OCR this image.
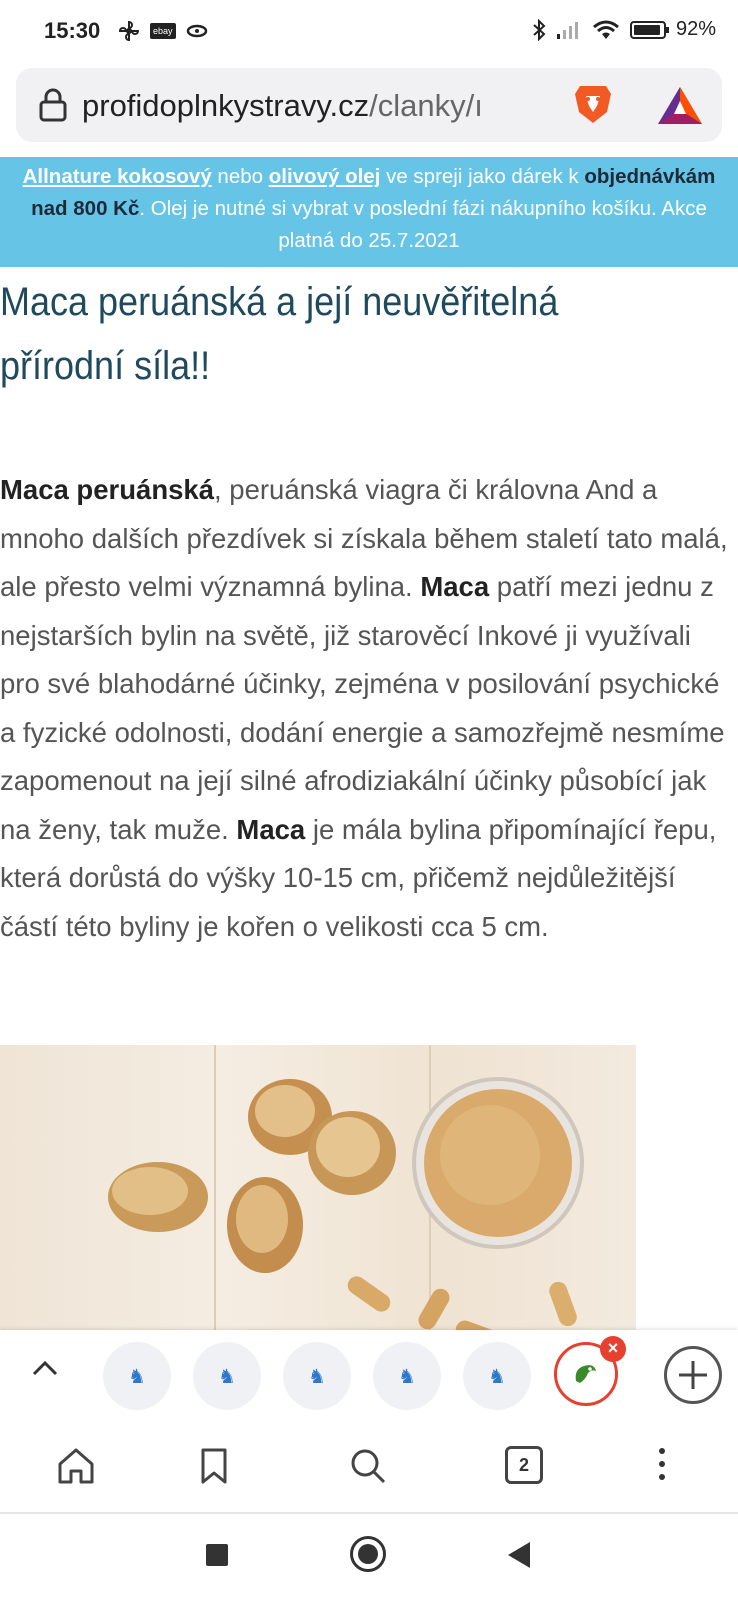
15:30	ebay	92%
profidoplnkystravy.cz/clanky/ı
Allnature kokosový nebo olivový olej ve spreji jako dárek k objednávkám nad 800 Kč. Olej je nutné si vybrat v poslední fázi nákupního košíku. Akce platná do 25.7.2021
Maca peruánská a její neuvěřitelná přírodní síla!!
Maca peruánská, peruánská viagra či královna And a mnoho dalších přezdívek si získala během staletí tato malá, ale přesto velmi významná bylina. Maca patří mezi jednu z nejstarších bylin na světě, již starověcí Inkové ji využívali pro své blahodárné účinky, zejména v posilování psychické a fyzické odolnosti, dodání energie a samozřejmě nesmíme zapomenout na její silné afrodiziakální účinky působící jak na ženy, tak muže. Maca je mála bylina připomínající řepu, která dorůstá do výšky 10-15 cm, přičemž nejdůležitější částí této byliny je kořen o velikosti cca 5 cm.
♞	♞	♞	♞	♞
×
2
